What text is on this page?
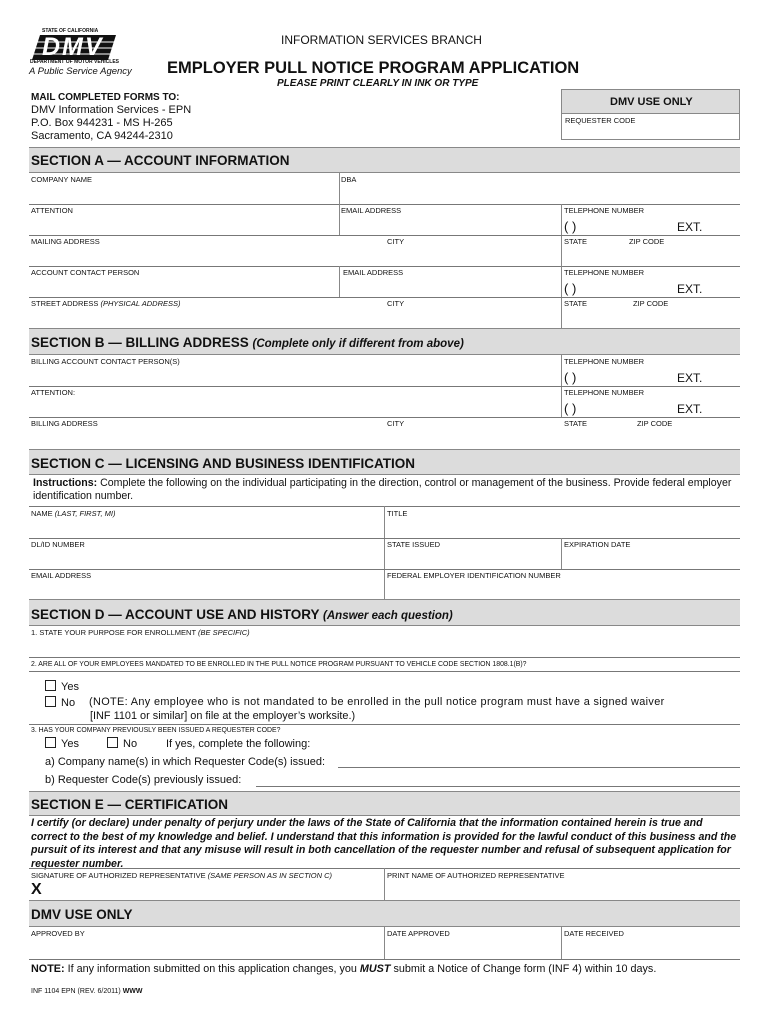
STATE OF CALIFORNIA
DMV
DEPARTMENT OF MOTOR VEHICLES
A Public Service Agency
INFORMATION SERVICES BRANCH
EMPLOYER PULL NOTICE PROGRAM APPLICATION
PLEASE PRINT CLEARLY IN INK OR TYPE
MAIL COMPLETED FORMS TO:
DMV Information Services - EPN
P.O. Box 944231 - MS H-265
Sacramento, CA 94244-2310
DMV USE ONLY
REQUESTER CODE
SECTION A — ACCOUNT INFORMATION
COMPANY NAME	DBA
ATTENTION	EMAIL ADDRESS	TELEPHONE NUMBER
( )	EXT.
MAILING ADDRESS	CITY	STATE	ZIP CODE
ACCOUNT CONTACT PERSON	EMAIL ADDRESS	TELEPHONE NUMBER
( )	EXT.
STREET ADDRESS (PHYSICAL ADDRESS)	CITY	STATE	ZIP CODE
SECTION B — BILLING ADDRESS (Complete only if different from above)
BILLING ACCOUNT CONTACT PERSON(S)	TELEPHONE NUMBER
( )	EXT.
ATTENTION:	TELEPHONE NUMBER
( )	EXT.
BILLING ADDRESS	CITY	STATE	ZIP CODE
SECTION C — LICENSING AND BUSINESS IDENTIFICATION
Instructions: Complete the following on the individual participating in the direction, control or management of the business. Provide federal employer identification number.
NAME (LAST, FIRST, MI)	TITLE
DL/ID NUMBER	STATE ISSUED	EXPIRATION DATE
EMAIL ADDRESS	FEDERAL EMPLOYER IDENTIFICATION NUMBER
SECTION D — ACCOUNT USE AND HISTORY (Answer each question)
1. STATE YOUR PURPOSE FOR ENROLLMENT (BE SPECIFIC)
2. ARE ALL OF YOUR EMPLOYEES MANDATED TO BE ENROLLED IN THE PULL NOTICE PROGRAM PURSUANT TO VEHICLE CODE SECTION 1808.1(B)?
Yes
No (NOTE: Any employee who is not mandated to be enrolled in the pull notice program must have a signed waiver
[INF 1101 or similar] on file at the employer’s worksite.)
3. HAS YOUR COMPANY PREVIOUSLY BEEN ISSUED A REQUESTER CODE?
Yes	No	If yes, complete the following:
a) Company name(s) in which Requester Code(s) issued:
b) Requester Code(s) previously issued:
SECTION E — CERTIFICATION
I certify (or declare) under penalty of perjury under the laws of the State of California that the information contained herein is true and correct to the best of my knowledge and belief. I understand that this information is provided for the lawful conduct of this business and the pursuit of its interest and that any misuse will result in both cancellation of the requester number and refusal of subsequent application for requester number.
SIGNATURE OF AUTHORIZED REPRESENTATIVE (SAME PERSON AS IN SECTION C)	PRINT NAME OF AUTHORIZED REPRESENTATIVE
X
DMV USE ONLY
APPROVED BY	DATE APPROVED	DATE RECEIVED
NOTE: If any information submitted on this application changes, you MUST submit a Notice of Change form (INF 4) within 10 days.
INF 1104 EPN (REV. 6/2011) WWW
